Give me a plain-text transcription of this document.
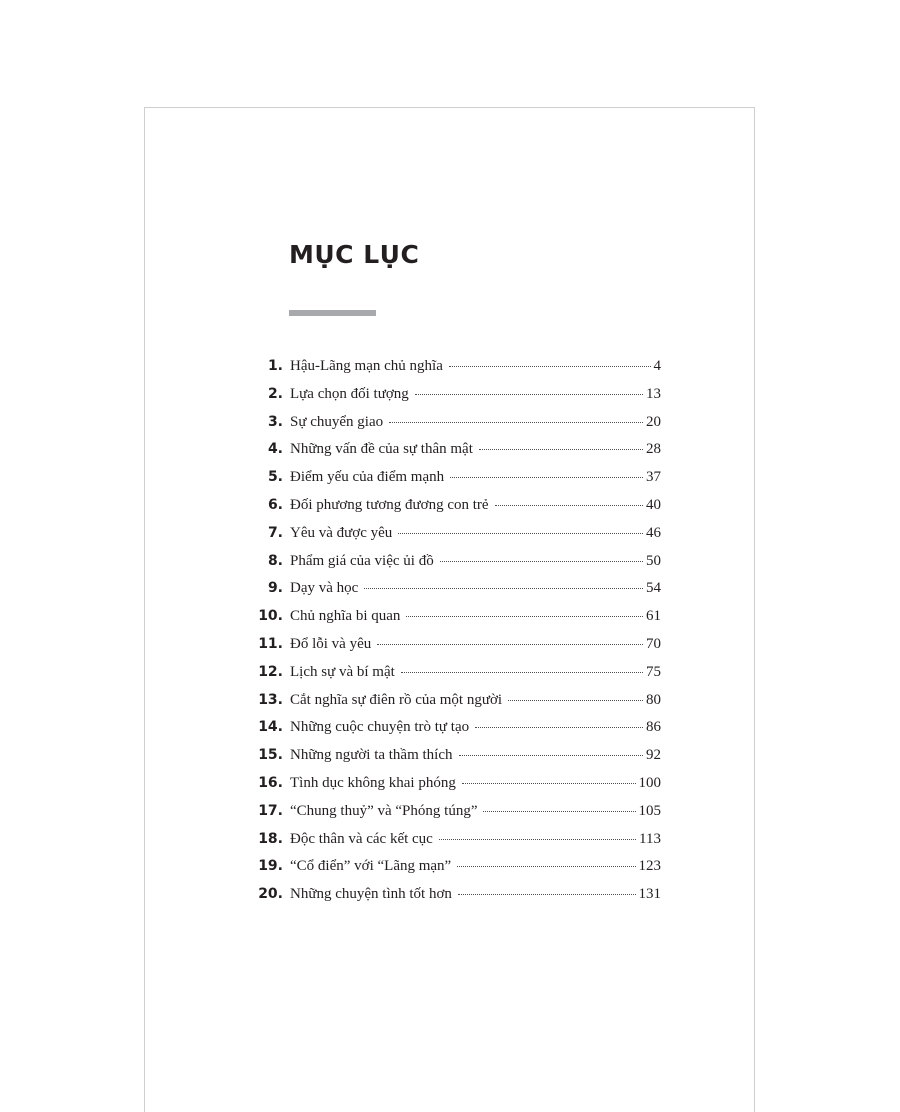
MỤC LỤC
1. Hậu-Lãng mạn chủ nghĩa	4
2. Lựa chọn đối tượng	13
3. Sự chuyển giao	20
4. Những vấn đề của sự thân mật	28
5. Điểm yếu của điểm mạnh	37
6. Đối phương tương đương con trẻ	40
7. Yêu và được yêu	46
8. Phẩm giá của việc ủi đồ	50
9. Dạy và học	54
10. Chủ nghĩa bi quan	61
11. Đổ lỗi và yêu	70
12. Lịch sự và bí mật	75
13. Cắt nghĩa sự điên rồ của một người	80
14. Những cuộc chuyện trò tự tạo	86
15. Những người ta thầm thích	92
16. Tình dục không khai phóng	100
17. “Chung thuỷ” và “Phóng túng”	105
18. Độc thân và các kết cục	113
19. “Cổ điển” với “Lãng mạn”	123
20. Những chuyện tình tốt hơn	131
